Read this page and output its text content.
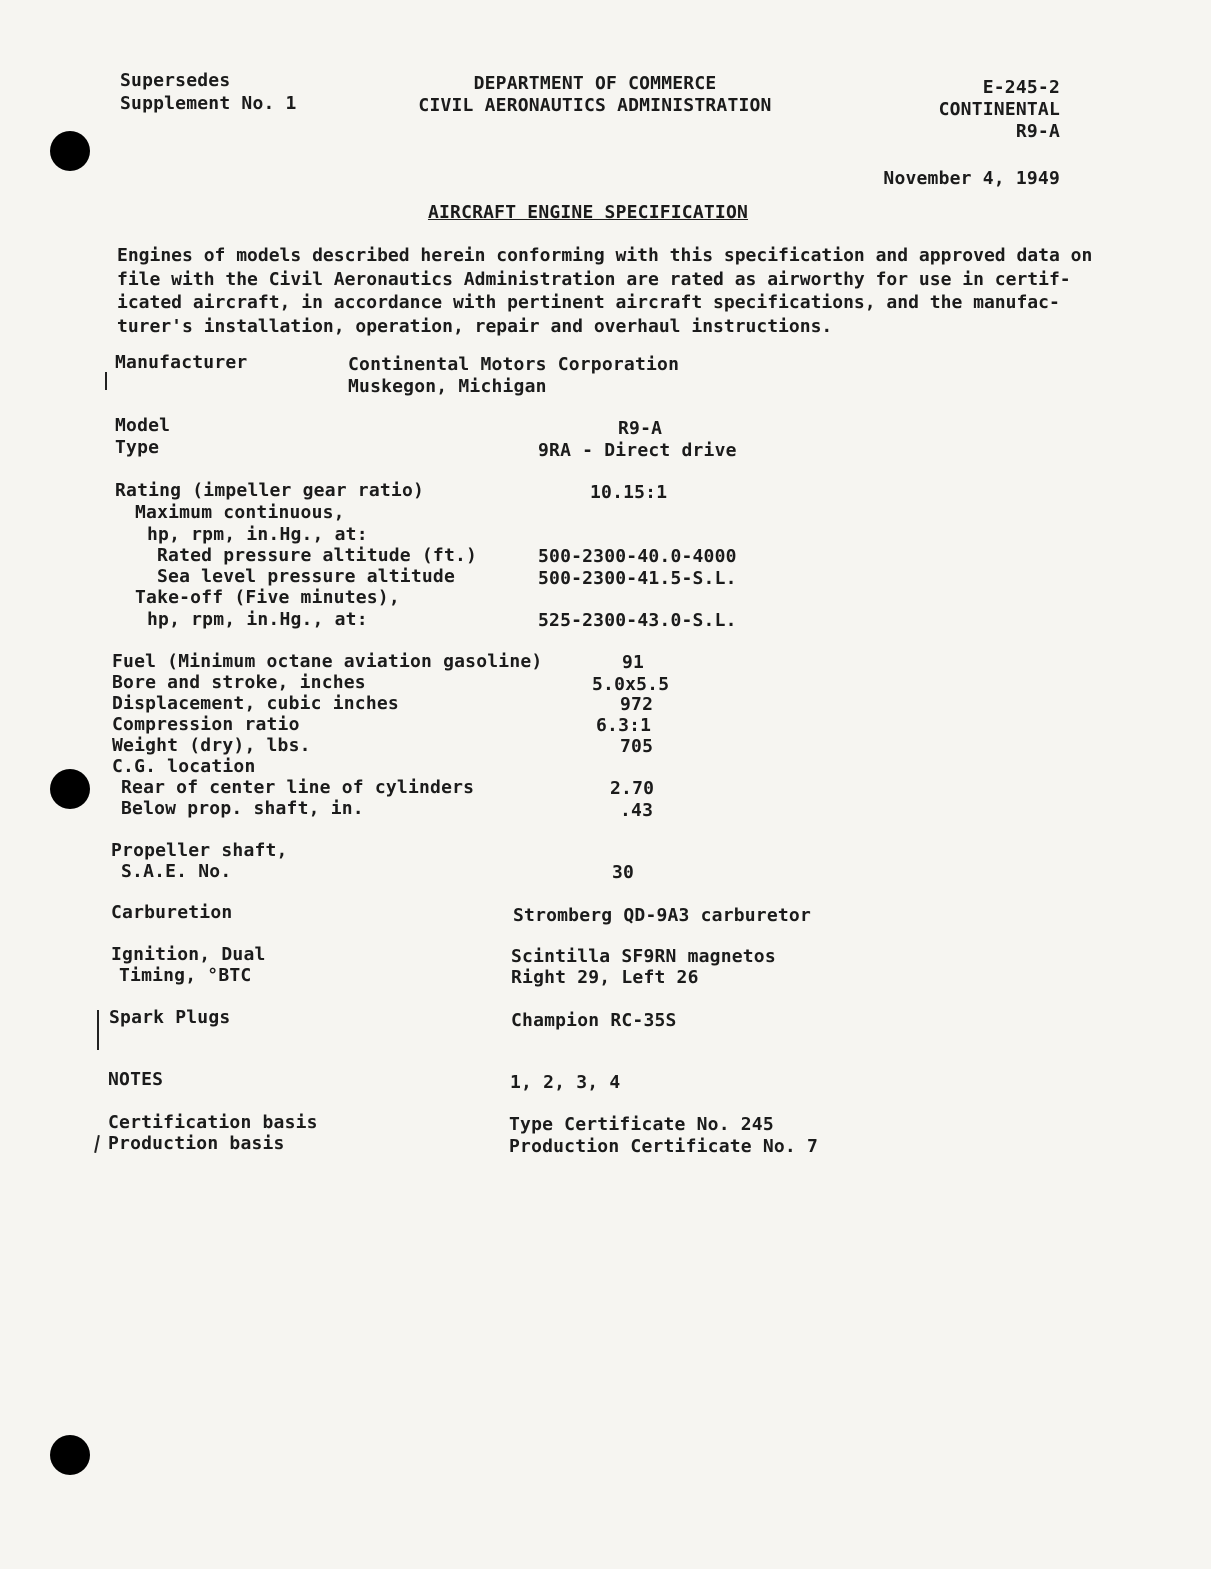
Supersedes
Supplement No. 1
DEPARTMENT OF COMMERCE
CIVIL AERONAUTICS ADMINISTRATION
E-245-2
CONTINENTAL
R9-A
November 4, 1949
AIRCRAFT ENGINE SPECIFICATION
Engines of models described herein conforming with this specification and approved data on
file with the Civil Aeronautics Administration are rated as airworthy for use in certif-
icated aircraft, in accordance with pertinent aircraft specifications, and the manufac-
turer's installation, operation, repair and overhaul instructions.
Manufacturer	Continental Motors Corporation
Muskegon, Michigan
Model	R9-A
Type	9RA - Direct drive
Rating (impeller gear ratio)	10.15:1
Maximum continuous,
hp, rpm, in.Hg., at:
Rated pressure altitude (ft.)	500-2300-40.0-4000
Sea level pressure altitude	500-2300-41.5-S.L.
Take-off (Five minutes),
hp, rpm, in.Hg., at:	525-2300-43.0-S.L.
Fuel (Minimum octane aviation gasoline)	91
Bore and stroke, inches	5.0x5.5
Displacement, cubic inches	972
Compression ratio	6.3:1
Weight (dry), lbs.	705
C.G. location
Rear of center line of cylinders	2.70
Below prop. shaft, in.	.43
Propeller shaft,
S.A.E. No.	30
Carburetion	Stromberg QD-9A3 carburetor
Ignition, Dual	Scintilla SF9RN magnetos
Timing, °BTC	Right 29, Left 26
Spark Plugs	Champion RC-35S
NOTES	1, 2, 3, 4
Certification basis	Type Certificate No. 245
Production basis	Production Certificate No. 7
